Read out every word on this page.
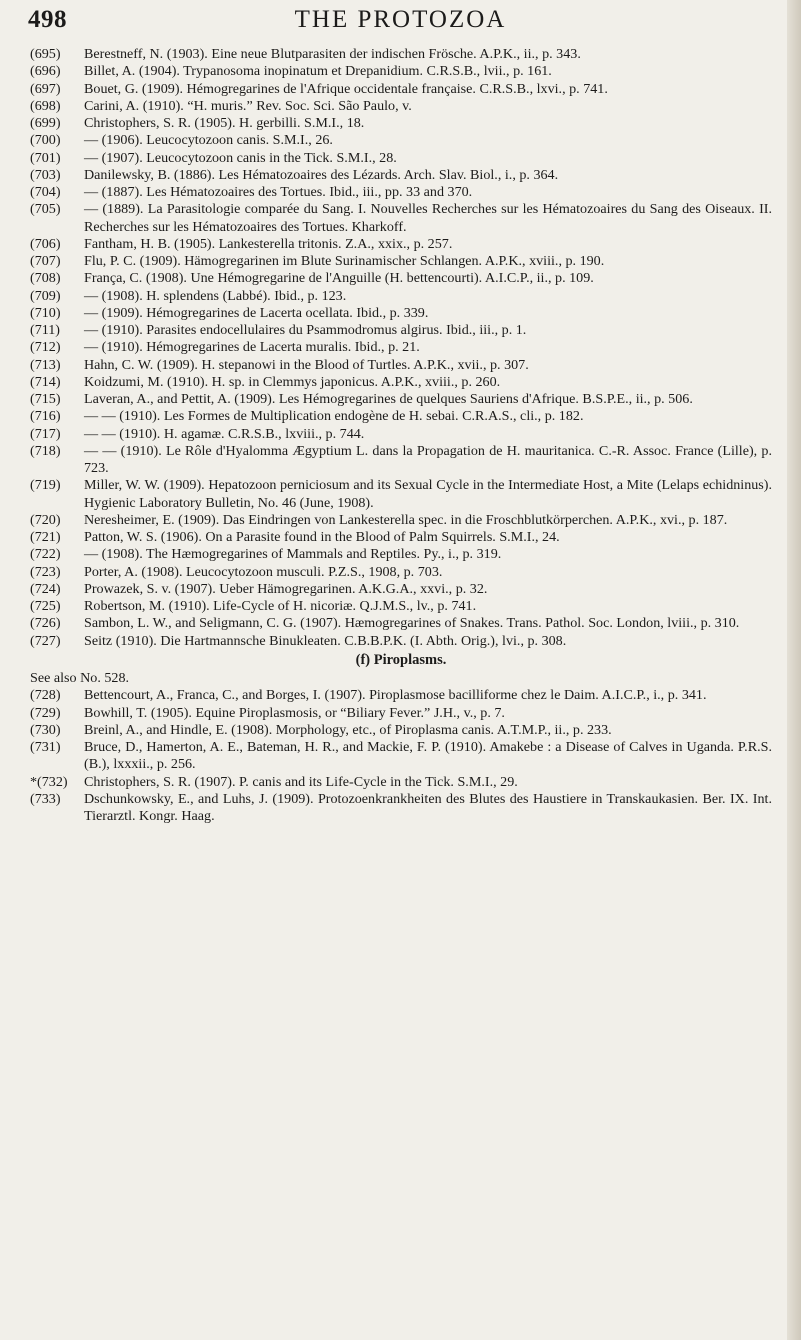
498	THE PROTOZOA

(695) Berestneff, N. (1903). Eine neue Blutparasiten der indischen Frösche. A.P.K., ii., p. 343.

(696) Billet, A. (1904). Trypanosoma inopinatum et Drepanidium. C.R.S.B., lvii., p. 161.

(697) Bouet, G. (1909). Hémogregarines de l'Afrique occidentale française. C.R.S.B., lxvi., p. 741.

(698) Carini, A. (1910). “H. muris.” Rev. Soc. Sci. São Paulo, v.

(699) Christophers, S. R. (1905). H. gerbilli. S.M.I., 18.

(700) — (1906). Leucocytozoon canis. S.M.I., 26.

(701) — (1907). Leucocytozoon canis in the Tick. S.M.I., 28.

(703) Danilewsky, B. (1886). Les Hématozoaires des Lézards. Arch. Slav. Biol., i., p. 364.

(704) — (1887). Les Hématozoaires des Tortues. Ibid., iii., pp. 33 and 370.

(705) — (1889). La Parasitologie comparée du Sang. I. Nouvelles Recherches sur les Hématozoaires du Sang des Oiseaux. II. Recherches sur les Hématozoaires des Tortues. Kharkoff.

(706) Fantham, H. B. (1905). Lankesterella tritonis. Z.A., xxix., p. 257.

(707) Flu, P. C. (1909). Hämogregarinen im Blute Surinamischer Schlangen. A.P.K., xviii., p. 190.

(708) França, C. (1908). Une Hémogregarine de l'Anguille (H. bettencourti). A.I.C.P., ii., p. 109.

(709) — (1908). H. splendens (Labbé). Ibid., p. 123.

(710) — (1909). Hémogregarines de Lacerta ocellata. Ibid., p. 339.

(711) — (1910). Parasites endocellulaires du Psammodromus algirus. Ibid., iii., p. 1.

(712) — (1910). Hémogregarines de Lacerta muralis. Ibid., p. 21.

(713) Hahn, C. W. (1909). H. stepanowi in the Blood of Turtles. A.P.K., xvii., p. 307.

(714) Koidzumi, M. (1910). H. sp. in Clemmys japonicus. A.P.K., xviii., p. 260.

(715) Laveran, A., and Pettit, A. (1909). Les Hémogregarines de quelques Sauriens d'Afrique. B.S.P.E., ii., p. 506.

(716) — — (1910). Les Formes de Multiplication endogène de H. sebai. C.R.A.S., cli., p. 182.

(717) — — (1910). H. agamæ. C.R.S.B., lxviii., p. 744.

(718) — — (1910). Le Rôle d'Hyalomma Ægyptium L. dans la Propagation de H. mauritanica. C.-R. Assoc. France (Lille), p. 723.

(719) Miller, W. W. (1909). Hepatozoon perniciosum and its Sexual Cycle in the Intermediate Host, a Mite (Lelaps echidninus). Hygienic Laboratory Bulletin, No. 46 (June, 1908).

(720) Neresheimer, E. (1909). Das Eindringen von Lankesterella spec. in die Froschblutkörperchen. A.P.K., xvi., p. 187.

(721) Patton, W. S. (1906). On a Parasite found in the Blood of Palm Squirrels. S.M.I., 24.

(722) — (1908). The Hæmogregarines of Mammals and Reptiles. Py., i., p. 319.

(723) Porter, A. (1908). Leucocytozoon musculi. P.Z.S., 1908, p. 703.

(724) Prowazek, S. v. (1907). Ueber Hämogregarinen. A.K.G.A., xxvi., p. 32.

(725) Robertson, M. (1910). Life-Cycle of H. nicoriæ. Q.J.M.S., lv., p. 741.

(726) Sambon, L. W., and Seligmann, C. G. (1907). Hæmogregarines of Snakes. Trans. Pathol. Soc. London, lviii., p. 310.

(727) Seitz (1910). Die Hartmannsche Binukleaten. C.B.B.P.K. (I. Abth. Orig.), lvi., p. 308.

(f) Piroplasms.

See also No. 528.

(728) Bettencourt, A., Franca, C., and Borges, I. (1907). Piroplasmose bacilliforme chez le Daim. A.I.C.P., i., p. 341.

(729) Bowhill, T. (1905). Equine Piroplasmosis, or “Biliary Fever.” J.H., v., p. 7.

(730) Breinl, A., and Hindle, E. (1908). Morphology, etc., of Piroplasma canis. A.T.M.P., ii., p. 233.

(731) Bruce, D., Hamerton, A. E., Bateman, H. R., and Mackie, F. P. (1910). Amakebe : a Disease of Calves in Uganda. P.R.S. (B.), lxxxii., p. 256.

*(732) Christophers, S. R. (1907). P. canis and its Life-Cycle in the Tick. S.M.I., 29.

(733) Dschunkowsky, E., and Luhs, J. (1909). Protozoenkrankheiten des Blutes des Haustiere in Transkaukasien. Ber. IX. Int. Tierarztl. Kongr. Haag.
